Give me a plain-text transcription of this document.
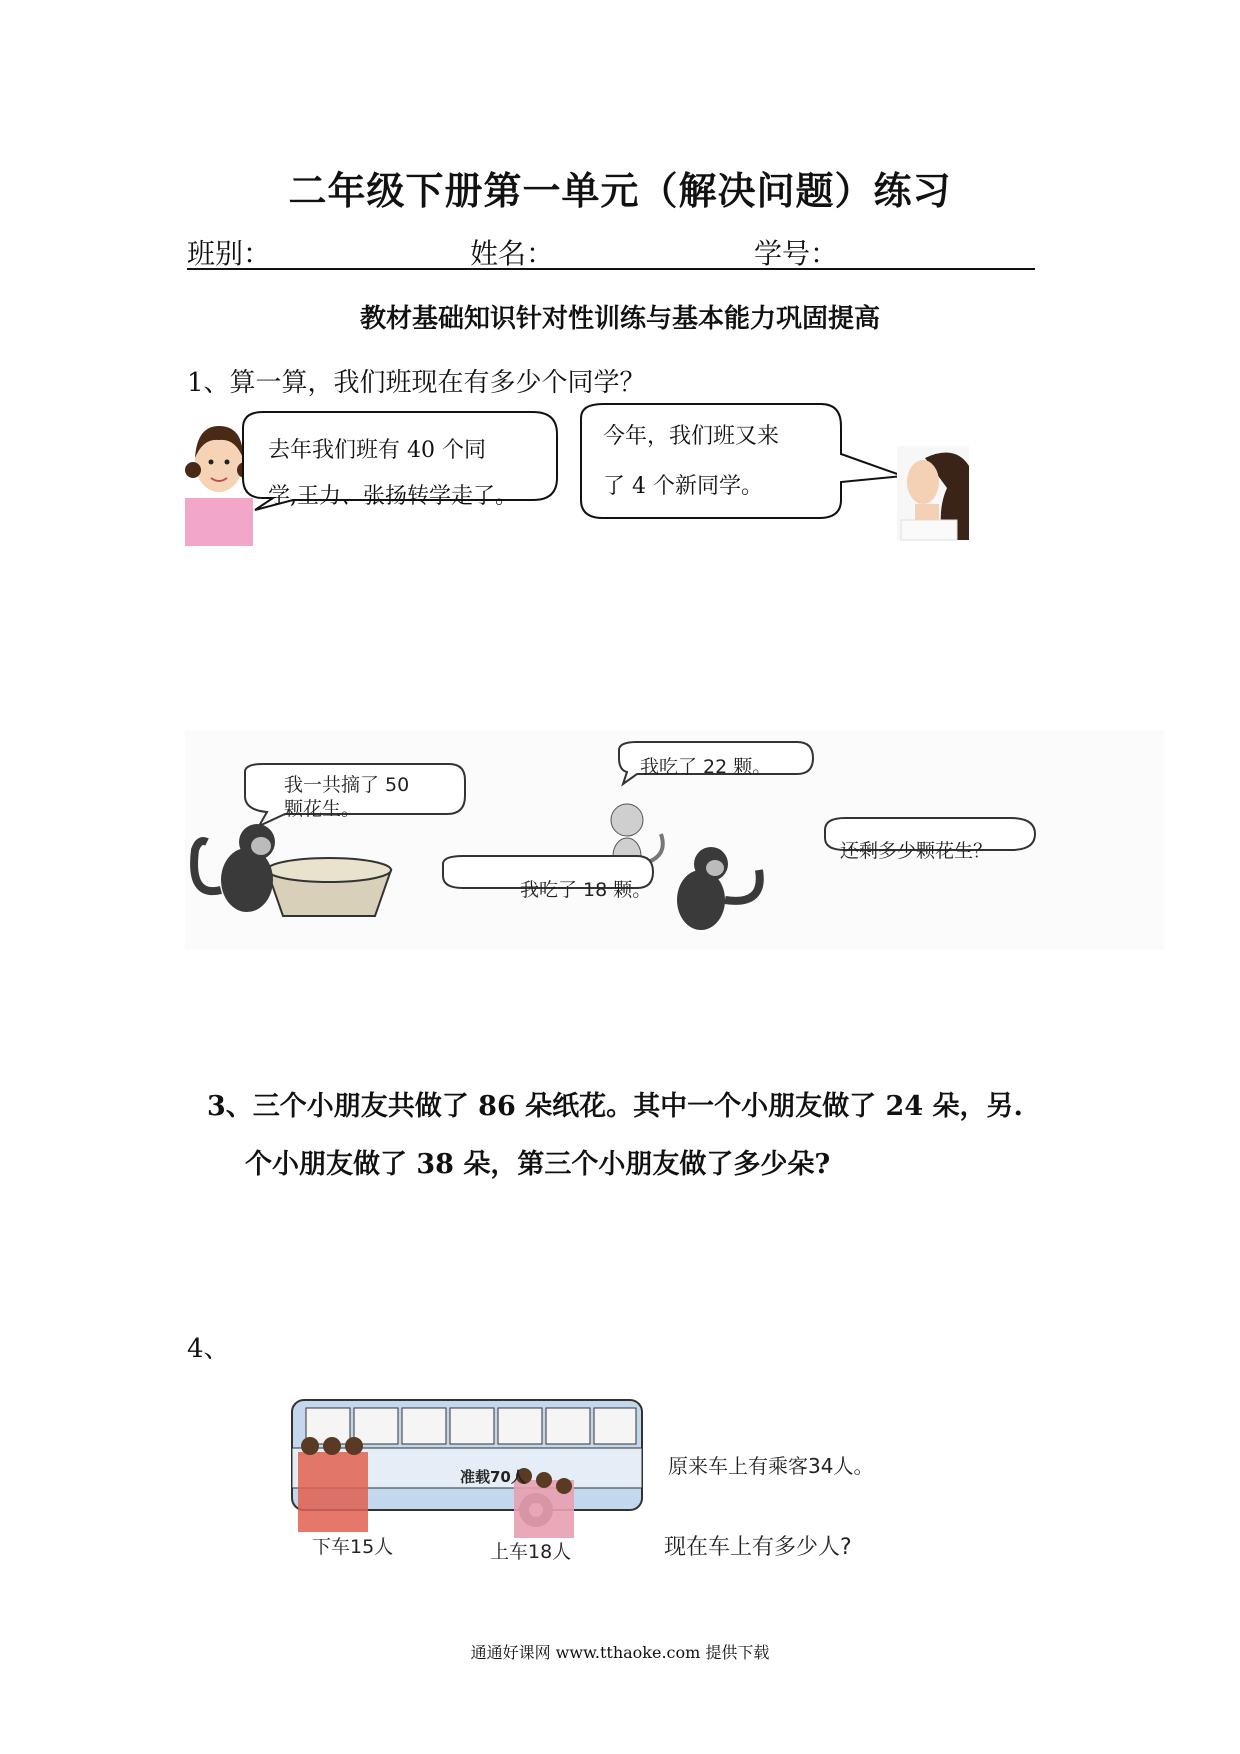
二年级下册第一单元（解决问题）练习
班别：	姓名：	学号：
教材基础知识针对性训练与基本能力巩固提高
1、算一算，我们班现在有多少个同学？
去年我们班有 40 个同
学,王力、张扬转学走了。
今年，我们班又来
了 4 个新同学。
我一共摘了 50
颗花生。
我吃了 22 颗。
我吃了 18 颗。
还剩多少颗花生？
3、三个小朋友共做了 86 朵纸花。其中一个小朋友做了 24 朵，另.
个小朋友做了 38 朵，第三个小朋友做了多少朵?
4、
准载70人
下车15人	上车18人
原来车上有乘客34人。
现在车上有多少人?
通通好课网 www.tthaoke.com 提供下载
